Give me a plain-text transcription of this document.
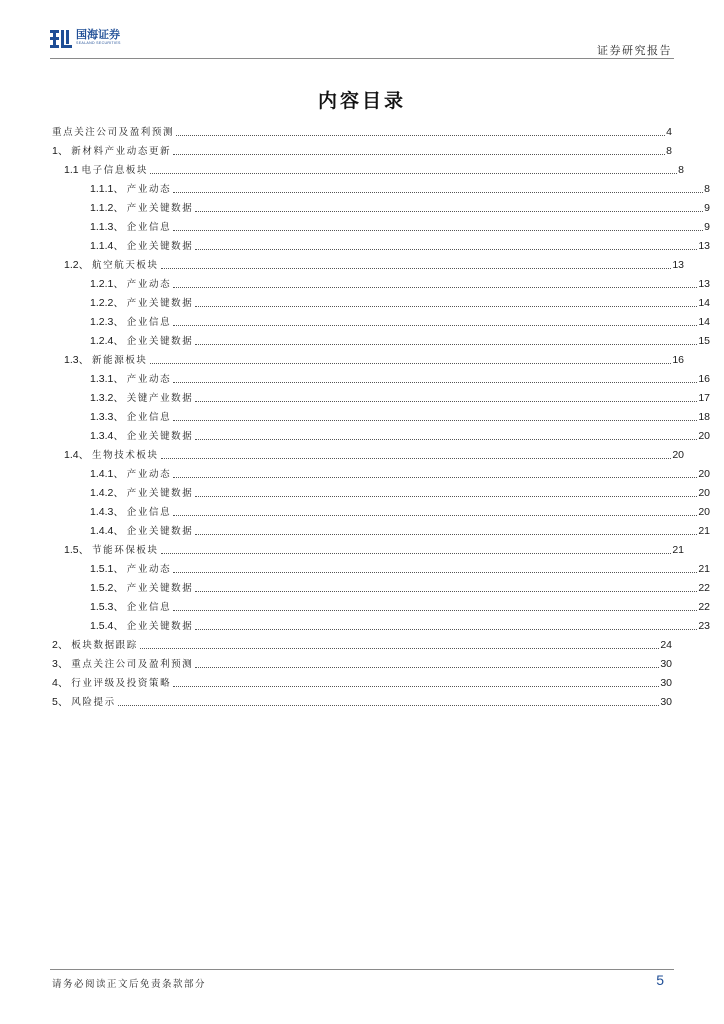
国海证券
SEALAND SECURITIES
证券研究报告
内容目录
重点关注公司及盈利预测	4
1、 新材料产业动态更新	8
1.1 电子信息板块	8
1.1.1、 产业动态	8
1.1.2、 产业关键数据	9
1.1.3、 企业信息	9
1.1.4、 企业关键数据	13
1.2、 航空航天板块	13
1.2.1、 产业动态	13
1.2.2、 产业关键数据	14
1.2.3、 企业信息	14
1.2.4、 企业关键数据	15
1.3、 新能源板块	16
1.3.1、 产业动态	16
1.3.2、 关键产业数据	17
1.3.3、 企业信息	18
1.3.4、 企业关键数据	20
1.4、 生物技术板块	20
1.4.1、 产业动态	20
1.4.2、 产业关键数据	20
1.4.3、 企业信息	20
1.4.4、 企业关键数据	21
1.5、 节能环保板块	21
1.5.1、 产业动态	21
1.5.2、 产业关键数据	22
1.5.3、 企业信息	22
1.5.4、 企业关键数据	23
2、 板块数据跟踪	24
3、 重点关注公司及盈利预测	30
4、 行业评级及投资策略	30
5、 风险提示	30
请务必阅读正文后免责条款部分	5
